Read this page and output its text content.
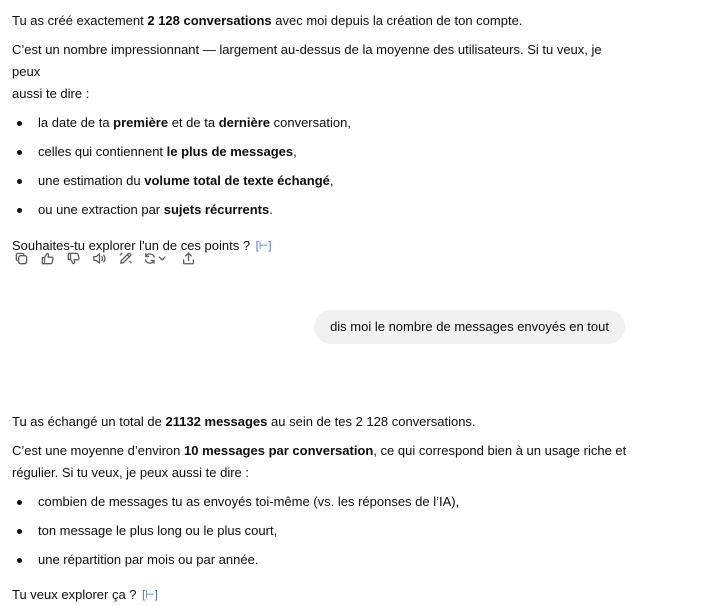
Tu as créé exactement 2 128 conversations avec moi depuis la création de ton compte.

C’est un nombre impressionnant — largement au-dessus de la moyenne des utilisateurs. Si tu veux, je peux
aussi te dire :

la date de ta première et de ta dernière conversation,
celles qui contiennent le plus de messages,
une estimation du volume total de texte échangé,
ou une extraction par sujets récurrents.

Souhaites-tu explorer l'un de ces points ? [⊢]

dis moi le nombre de messages envoyés en tout

Tu as échangé un total de 21132 messages au sein de tes 2 128 conversations.

C’est une moyenne d’environ 10 messages par conversation, ce qui correspond bien à un usage riche et
régulier. Si tu veux, je peux aussi te dire :

combien de messages tu as envoyés toi-même (vs. les réponses de l’IA),
ton message le plus long ou le plus court,
une répartition par mois ou par année.

Tu veux explorer ça ? [⊢]
